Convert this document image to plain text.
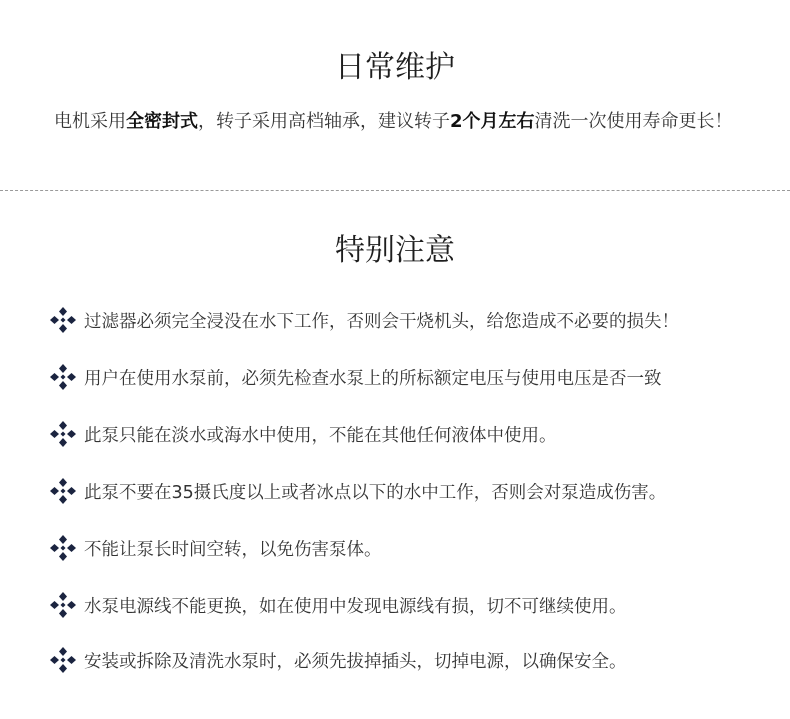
日常维护

电机采用全密封式，转子采用高档轴承，建议转子2个月左右清洗一次使用寿命更长！

特别注意
过滤器必须完全浸没在水下工作，否则会干烧机头，给您造成不必要的损失！
用户在使用水泵前，必须先检查水泵上的所标额定电压与使用电压是否一致
此泵只能在淡水或海水中使用，不能在其他任何液体中使用。
此泵不要在35摄氏度以上或者冰点以下的水中工作，否则会对泵造成伤害。
不能让泵长时间空转，以免伤害泵体。
水泵电源线不能更换，如在使用中发现电源线有损，切不可继续使用。
安装或拆除及清洗水泵时，必须先拔掉插头，切掉电源，以确保安全。
